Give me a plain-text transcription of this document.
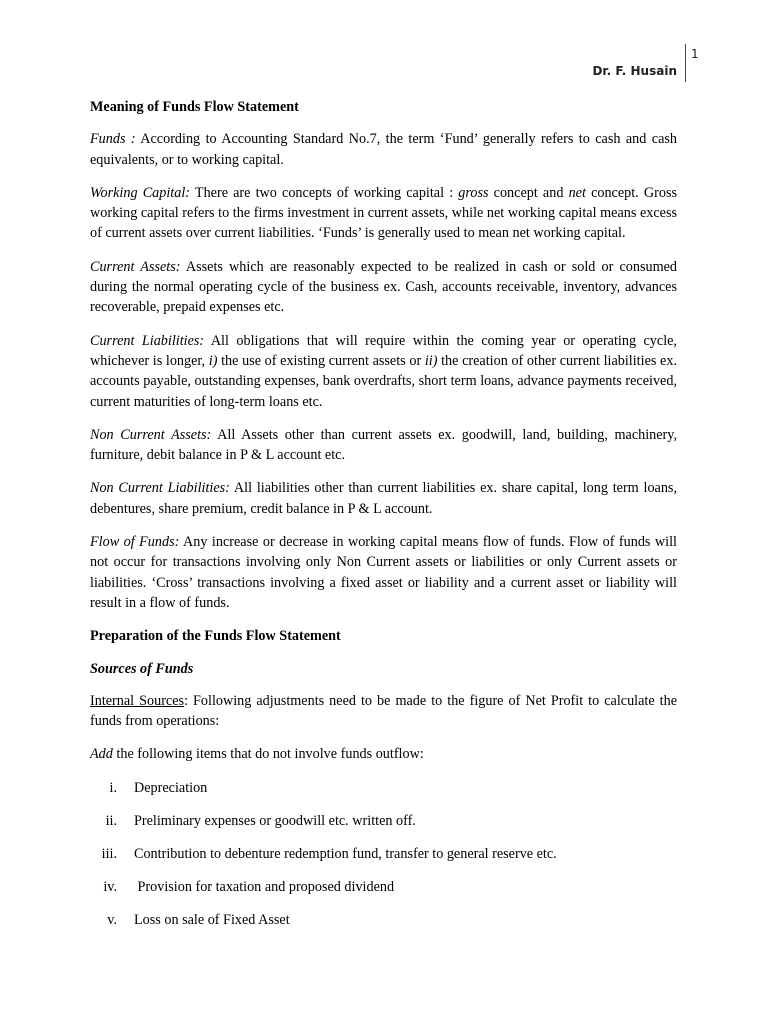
Dr. F. Husain
1
Meaning of Funds Flow Statement

Funds : According to Accounting Standard No.7, the term ‘Fund’ generally refers to cash and cash equivalents, or to working capital.

Working Capital: There are two concepts of working capital : gross concept and net concept. Gross working capital refers to the firms investment in current assets, while net working capital means excess of current assets over current liabilities. ‘Funds’ is generally used to mean net working capital.

Current Assets: Assets which are reasonably expected to be realized in cash or sold or consumed during the normal operating cycle of the business ex. Cash, accounts receivable, inventory, advances recoverable, prepaid expenses etc.

Current Liabilities: All obligations that will require within the coming year or operating cycle, whichever is longer, i) the use of existing current assets or ii) the creation of other current liabilities ex. accounts payable, outstanding expenses, bank overdrafts, short term loans, advance payments received, current maturities of long-term loans etc.

Non Current Assets: All Assets other than current assets ex. goodwill, land, building, machinery, furniture, debit balance in P & L account etc.

Non Current Liabilities: All liabilities other than current liabilities ex. share capital, long term loans, debentures, share premium, credit balance in P & L account.

Flow of Funds: Any increase or decrease in working capital means flow of funds. Flow of funds will not occur for transactions involving only Non Current assets or liabilities or only Current assets or liabilities. ‘Cross’ transactions involving a fixed asset or liability and a current asset or liability will result in a flow of funds.

Preparation of the Funds Flow Statement
Sources of Funds

Internal Sources: Following adjustments need to be made to the figure of Net Profit to calculate the funds from operations:

Add the following items that do not involve funds outflow:

i.	Depreciation
ii.	Preliminary expenses or goodwill etc. written off.
iii.	Contribution to debenture redemption fund, transfer to general reserve etc.
iv.	Provision for taxation and proposed dividend
v.	Loss on sale of Fixed Asset
